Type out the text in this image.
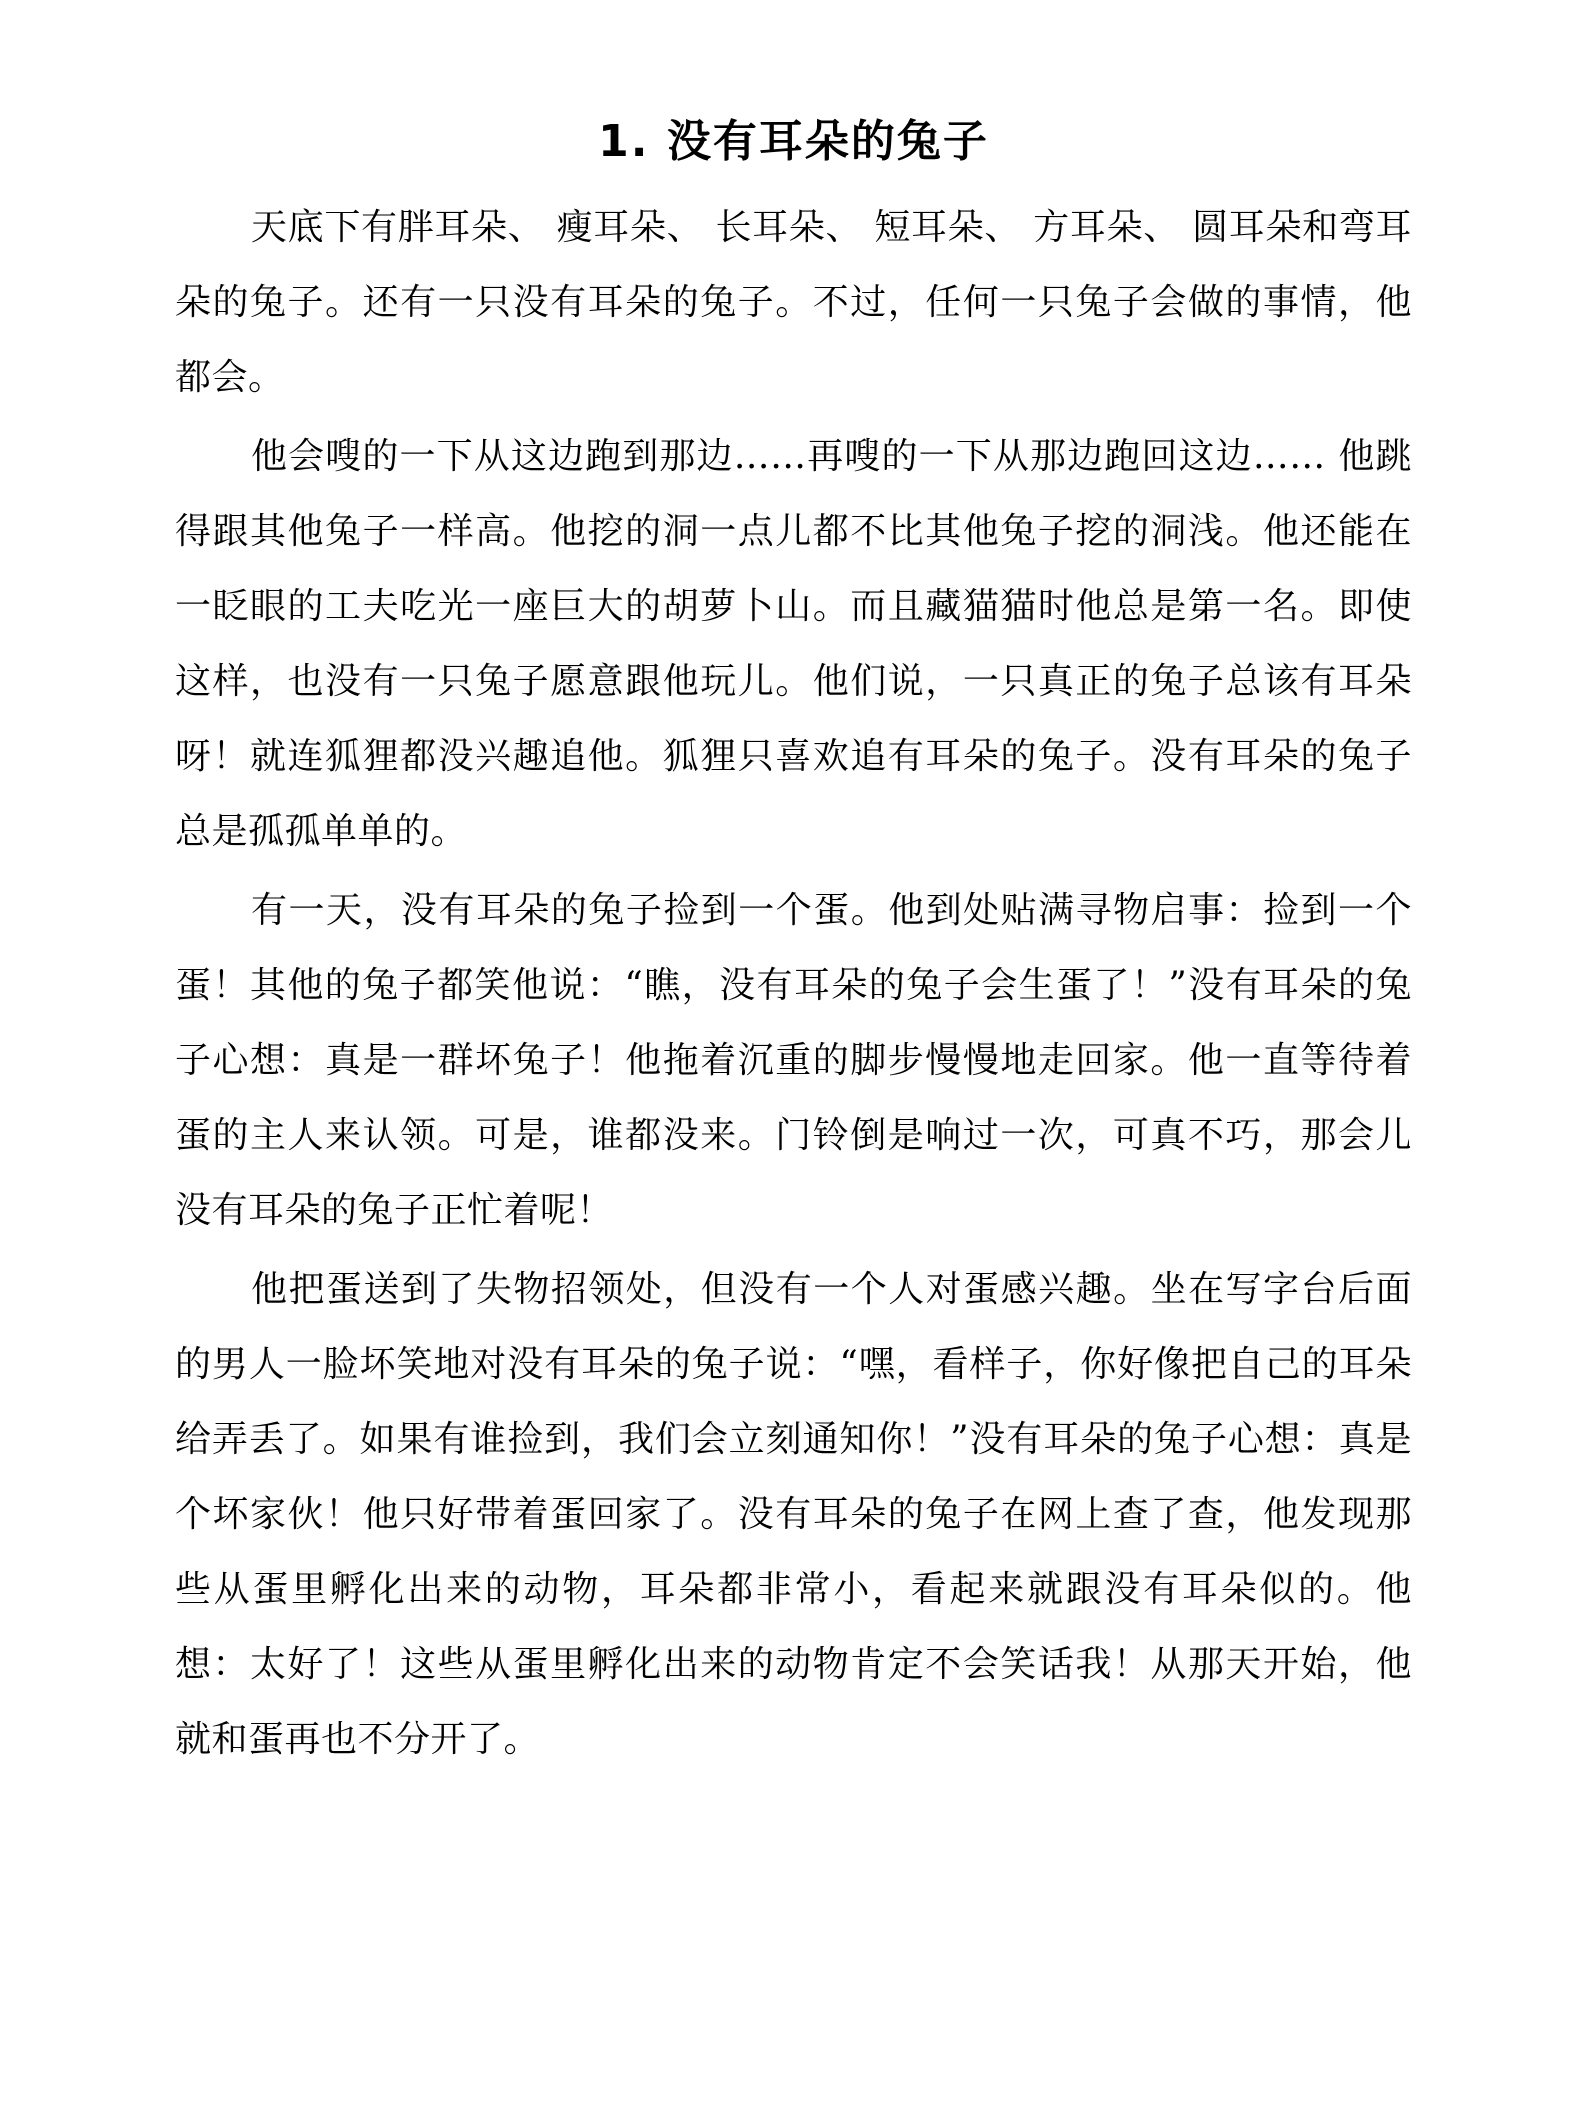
1. 没有耳朵的兔子

天底下有胖耳朵、 瘦耳朵、 长耳朵、 短耳朵、 方耳朵、 圆耳朵和弯耳朵的兔子。还有一只没有耳朵的兔子。不过，任何一只兔子会做的事情，他都会。

他会嗖的一下从这边跑到那边……再嗖的一下从那边跑回这边…… 他跳得跟其他兔子一样高。他挖的洞一点儿都不比其他兔子挖的洞浅。他还能在一眨眼的工夫吃光一座巨大的胡萝卜山。而且藏猫猫时他总是第一名。即使这样，也没有一只兔子愿意跟他玩儿。他们说，一只真正的兔子总该有耳朵呀！就连狐狸都没兴趣追他。狐狸只喜欢追有耳朵的兔子。没有耳朵的兔子总是孤孤单单的。

有一天，没有耳朵的兔子捡到一个蛋。他到处贴满寻物启事：捡到一个蛋！其他的兔子都笑他说：“瞧，没有耳朵的兔子会生蛋了！”没有耳朵的兔子心想：真是一群坏兔子！他拖着沉重的脚步慢慢地走回家。他一直等待着蛋的主人来认领。可是，谁都没来。门铃倒是响过一次，可真不巧，那会儿没有耳朵的兔子正忙着呢！

他把蛋送到了失物招领处，但没有一个人对蛋感兴趣。坐在写字台后面的男人一脸坏笑地对没有耳朵的兔子说：“嘿，看样子，你好像把自己的耳朵给弄丢了。如果有谁捡到，我们会立刻通知你！”没有耳朵的兔子心想：真是个坏家伙！他只好带着蛋回家了。没有耳朵的兔子在网上查了查，他发现那些从蛋里孵化出来的动物，耳朵都非常小，看起来就跟没有耳朵似的。他想：太好了！这些从蛋里孵化出来的动物肯定不会笑话我！从那天开始，他就和蛋再也不分开了。
